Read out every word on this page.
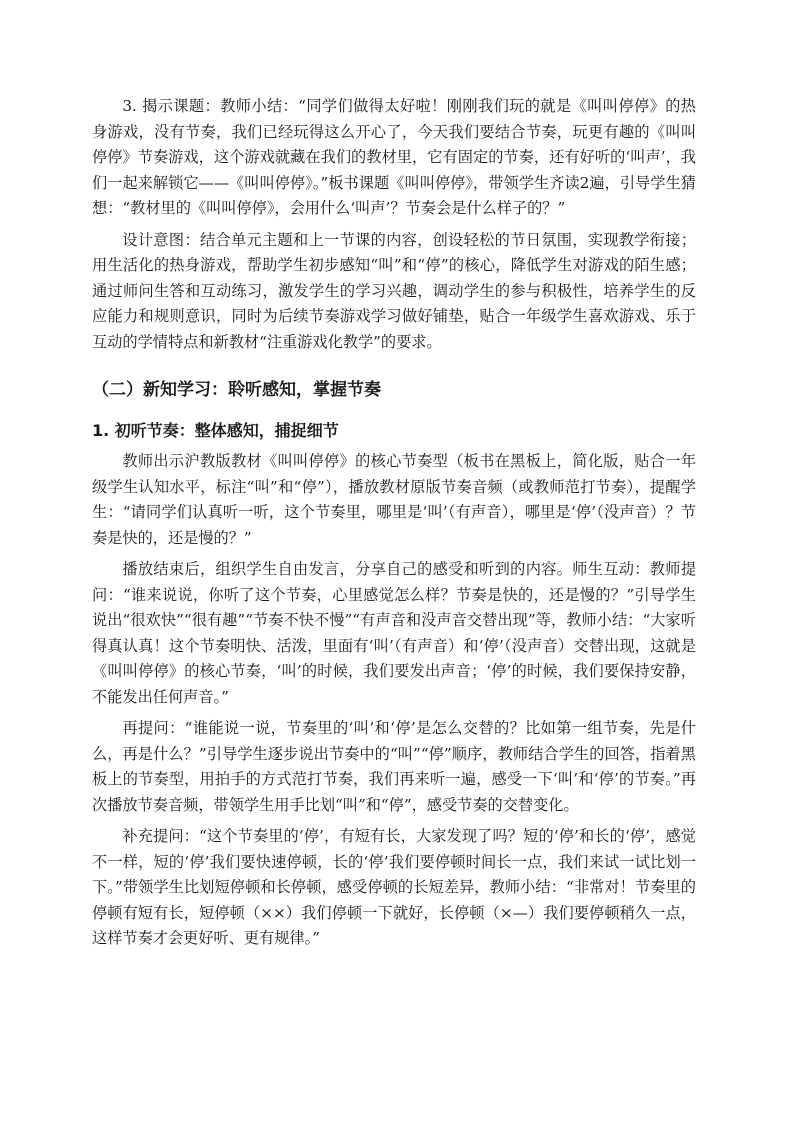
3. 揭示课题：教师小结：“同学们做得太好啦！刚刚我们玩的就是《叫叫停停》的热身游戏，没有节奏，我们已经玩得这么开心了，今天我们要结合节奏，玩更有趣的《叫叫停停》节奏游戏，这个游戏就藏在我们的教材里，它有固定的节奏，还有好听的‘叫声’，我们一起来解锁它——《叫叫停停》。”板书课题《叫叫停停》，带领学生齐读2遍，引导学生猜想：“教材里的《叫叫停停》，会用什么‘叫声’？节奏会是什么样子的？”

设计意图：结合单元主题和上一节课的内容，创设轻松的节日氛围，实现教学衔接；用生活化的热身游戏，帮助学生初步感知“叫”和“停”的核心，降低学生对游戏的陌生感；通过师问生答和互动练习，激发学生的学习兴趣，调动学生的参与积极性，培养学生的反应能力和规则意识，同时为后续节奏游戏学习做好铺垫，贴合一年级学生喜欢游戏、乐于互动的学情特点和新教材“注重游戏化教学”的要求。

（二）新知学习：聆听感知，掌握节奏
1. 初听节奏：整体感知，捕捉细节

教师出示沪教版教材《叫叫停停》的核心节奏型（板书在黑板上，简化版，贴合一年级学生认知水平，标注“叫”和“停”），播放教材原版节奏音频（或教师范打节奏），提醒学生：“请同学们认真听一听，这个节奏里，哪里是‘叫’（有声音），哪里是‘停’（没声音）？节奏是快的，还是慢的？”

播放结束后，组织学生自由发言，分享自己的感受和听到的内容。师生互动：教师提问：“谁来说说，你听了这个节奏，心里感觉怎么样？节奏是快的，还是慢的？”引导学生说出“很欢快”“很有趣”“节奏不快不慢”“有声音和没声音交替出现”等，教师小结：“大家听得真认真！这个节奏明快、活泼，里面有‘叫’（有声音）和‘停’（没声音）交替出现，这就是《叫叫停停》的核心节奏，‘叫’的时候，我们要发出声音；‘停’的时候，我们要保持安静，不能发出任何声音。”

再提问：“谁能说一说，节奏里的‘叫’和‘停’是怎么交替的？比如第一组节奏，先是什么，再是什么？”引导学生逐步说出节奏中的“叫”“停”顺序，教师结合学生的回答，指着黑板上的节奏型，用拍手的方式范打节奏，我们再来听一遍，感受一下‘叫’和‘停’的节奏。”再次播放节奏音频，带领学生用手比划“叫”和“停”，感受节奏的交替变化。

补充提问：“这个节奏里的‘停’，有短有长，大家发现了吗？短的‘停’和长的‘停’，感觉不一样，短的‘停’我们要快速停顿，长的‘停’我们要停顿时间长一点，我们来试一试比划一下。”带领学生比划短停顿和长停顿，感受停顿的长短差异，教师小结：“非常对！节奏里的停顿有短有长，短停顿（××）我们停顿一下就好，长停顿（×—）我们要停顿稍久一点，这样节奏才会更好听、更有规律。”
